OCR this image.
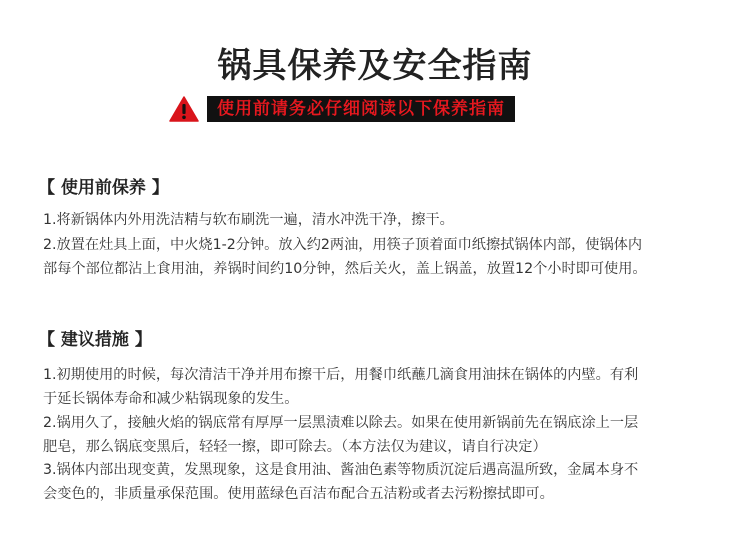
锅具保养及安全指南
使用前请务必仔细阅读以下保养指南
【 使用前保养 】
1.将新锅体内外用洗洁精与软布刷洗一遍，清水冲洗干净，擦干。
2.放置在灶具上面，中火烧1-2分钟。放入约2两油，用筷子顶着面巾纸擦拭锅体内部，使锅体内
部每个部位都沾上食用油，养锅时间约10分钟，然后关火，盖上锅盖，放置12个小时即可使用。
【 建议措施 】
1.初期使用的时候，每次清洁干净并用布擦干后，用餐巾纸蘸几滴食用油抹在锅体的内壁。有利
于延长锅体寿命和减少粘锅现象的发生。
2.锅用久了，接触火焰的锅底常有厚厚一层黑渍难以除去。如果在使用新锅前先在锅底涂上一层
肥皂，那么锅底变黑后，轻轻一擦，即可除去。（本方法仅为建议，请自行决定）
3.锅体内部出现变黄，发黑现象，这是食用油、酱油色素等物质沉淀后遇高温所致，金属本身不
会变色的，非质量承保范围。使用蓝绿色百洁布配合五洁粉或者去污粉擦拭即可。
